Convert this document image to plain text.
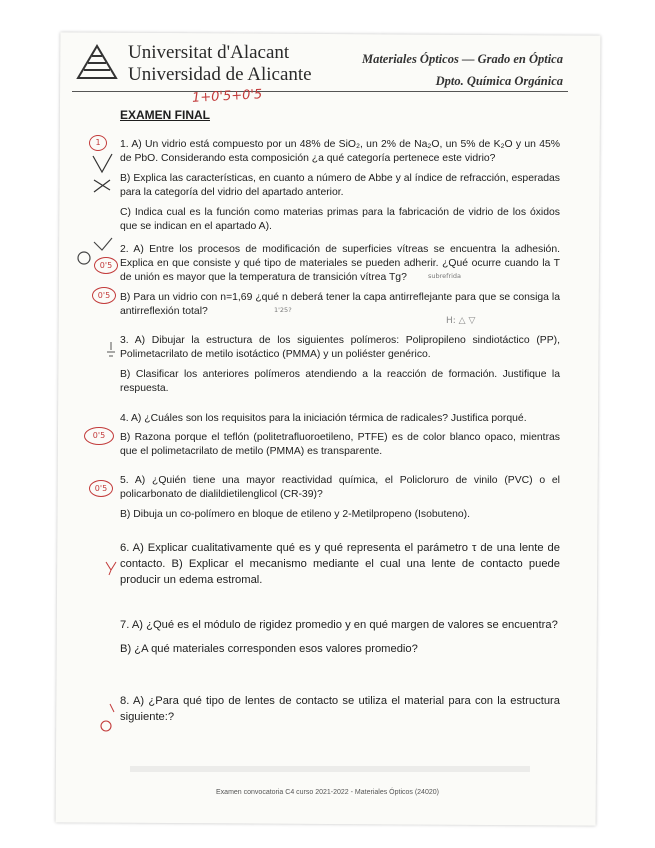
Universitat d'Alacant
Universidad de Alicante
Materiales Ópticos — Grado en Óptica
Dpto. Química Orgánica
1+0'5+0'5
EXAMEN FINAL
1	1. A) Un vidrio está compuesto por un 48% de SiO₂, un 2% de Na₂O, un 5% de K₂O y un 45% de PbO. Considerando esta composición ¿a qué categoría pertenece este vidrio?

B) Explica las características, en cuanto a número de Abbe y al índice de refracción, esperadas para la categoría del vidrio del apartado anterior.

C) Indica cual es la función como materias primas para la fabricación de vidrio de los óxidos que se indican en el apartado A).

0'5
0'5

2. A) Entre los procesos de modificación de superficies vítreas se encuentra la adhesión. Explica en que consiste y qué tipo de materiales se pueden adherir. ¿Qué ocurre cuando la T de unión es mayor que la temperatura de transición vítrea Tg?

B) Para un vidrio con n=1,69 ¿qué n deberá tener la capa antirreflejante para que se consiga la antirreflexión total?

subrefrida
1'25?
H: △ ▽

3. A) Dibujar la estructura de los siguientes polímeros: Polipropileno sindiotáctico (PP), Polimetacrilato de metilo isotáctico (PMMA) y un poliéster genérico.

B) Clasificar los anteriores polímeros atendiendo a la reacción de formación. Justifique la respuesta.

0'5

4. A) ¿Cuáles son los requisitos para la iniciación térmica de radicales? Justifica porqué.

B) Razona porque el teflón (politetrafluoroetileno, PTFE) es de color blanco opaco, mientras que el polimetacrilato de metilo (PMMA) es transparente.

0'5

5. A) ¿Quién tiene una mayor reactividad química, el Policloruro de vinilo (PVC) o el policarbonato de dialildietilenglicol (CR-39)?

B) Dibuja un co-polímero en bloque de etileno y 2-Metilpropeno (Isobuteno).

6. A) Explicar cualitativamente qué es y qué representa el parámetro τ de una lente de contacto. B) Explicar el mecanismo mediante el cual una lente de contacto puede producir un edema estromal.

7. A) ¿Qué es el módulo de rigidez promedio y en qué margen de valores se encuentra?

B) ¿A qué materiales corresponden esos valores promedio?

8. A) ¿Para qué tipo de lentes de contacto se utiliza el material para con la estructura siguiente:?

Examen convocatoria C4 curso 2021-2022 - Materiales Ópticos (24020)
